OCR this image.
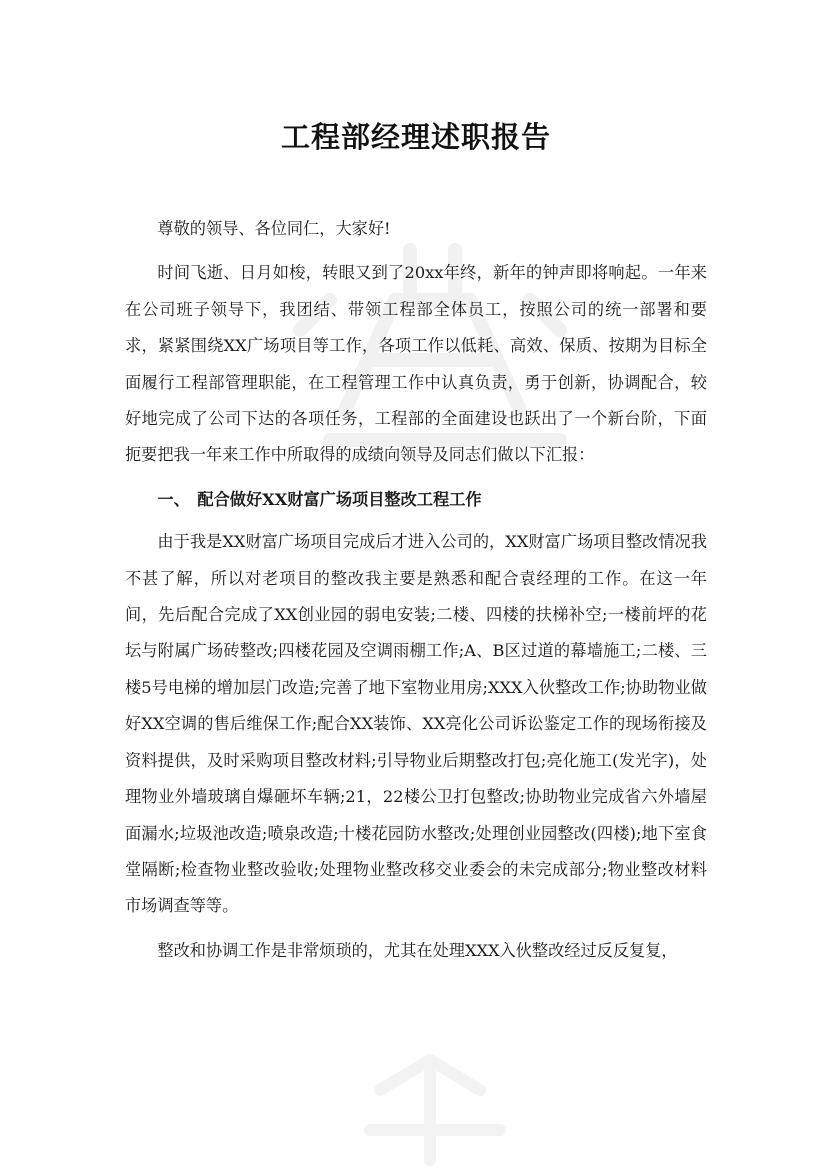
工程部经理述职报告

尊敬的领导、各位同仁，大家好!

时间飞逝、日月如梭，转眼又到了20xx年终，新年的钟声即将响起。一年来在公司班子领导下，我团结、带领工程部全体员工，按照公司的统一部署和要求，紧紧围绕XX广场项目等工作，各项工作以低耗、高效、保质、按期为目标全面履行工程部管理职能，在工程管理工作中认真负责，勇于创新，协调配合，较好地完成了公司下达的各项任务，工程部的全面建设也跃出了一个新台阶，下面扼要把我一年来工作中所取得的成绩向领导及同志们做以下汇报：

一、 配合做好XX财富广场项目整改工程工作

由于我是XX财富广场项目完成后才进入公司的，XX财富广场项目整改情况我不甚了解，所以对老项目的整改我主要是熟悉和配合袁经理的工作。在这一年间，先后配合完成了XX创业园的弱电安装;二楼、四楼的扶梯补空;一楼前坪的花坛与附属广场砖整改;四楼花园及空调雨棚工作;A、B区过道的幕墙施工;二楼、三楼5号电梯的增加层门改造;完善了地下室物业用房;XXX入伙整改工作;协助物业做好XX空调的售后维保工作;配合XX装饰、XX亮化公司诉讼鉴定工作的现场衔接及资料提供，及时采购项目整改材料;引导物业后期整改打包;亮化施工(发光字)，处理物业外墙玻璃自爆砸坏车辆;21，22楼公卫打包整改;协助物业完成省六外墙屋面漏水;垃圾池改造;喷泉改造;十楼花园防水整改;处理创业园整改(四楼);地下室食堂隔断;检查物业整改验收;处理物业整改移交业委会的未完成部分;物业整改材料市场调查等等。

整改和协调工作是非常烦琐的，尤其在处理XXX入伙整改经过反反复复，
